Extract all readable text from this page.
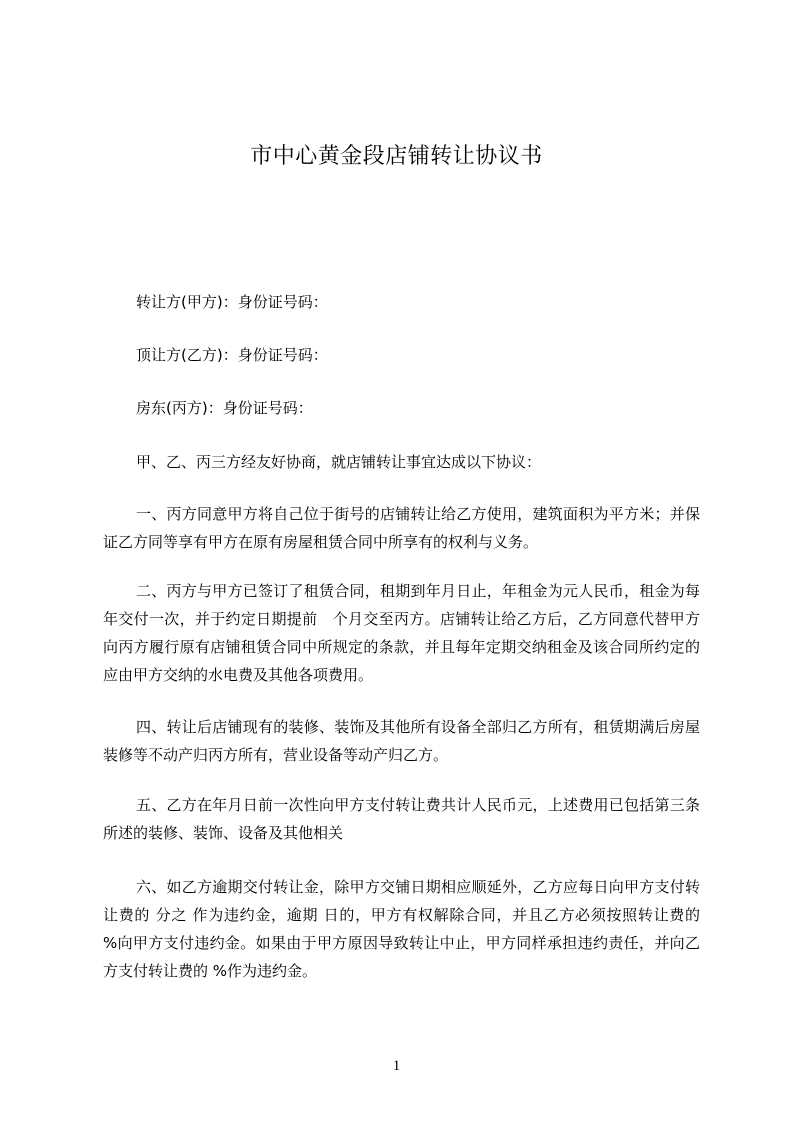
市中心黄金段店铺转让协议书
转让方(甲方)：身份证号码：
顶让方(乙方)：身份证号码：
房东(丙方)：身份证号码：
甲、乙、丙三方经友好协商，就店铺转让事宜达成以下协议：
一、丙方同意甲方将自己位于街号的店铺转让给乙方使用，建筑面积为平方米；并保证乙方同等享有甲方在原有房屋租赁合同中所享有的权利与义务。
二、丙方与甲方已签订了租赁合同，租期到年月日止，年租金为元人民币，租金为每年交付一次，并于约定日期提前　个月交至丙方。店铺转让给乙方后，乙方同意代替甲方向丙方履行原有店铺租赁合同中所规定的条款，并且每年定期交纳租金及该合同所约定的应由甲方交纳的水电费及其他各项费用。
四、转让后店铺现有的装修、装饰及其他所有设备全部归乙方所有，租赁期满后房屋装修等不动产归丙方所有，营业设备等动产归乙方。
五、乙方在年月日前一次性向甲方支付转让费共计人民币元，上述费用已包括第三条所述的装修、装饰、设备及其他相关
六、如乙方逾期交付转让金，除甲方交铺日期相应顺延外，乙方应每日向甲方支付转让费的 分之 作为违约金，逾期 日的，甲方有权解除合同，并且乙方必须按照转让费的　%向甲方支付违约金。如果由于甲方原因导致转让中止，甲方同样承担违约责任，并向乙方支付转让费的 %作为违约金。
1
